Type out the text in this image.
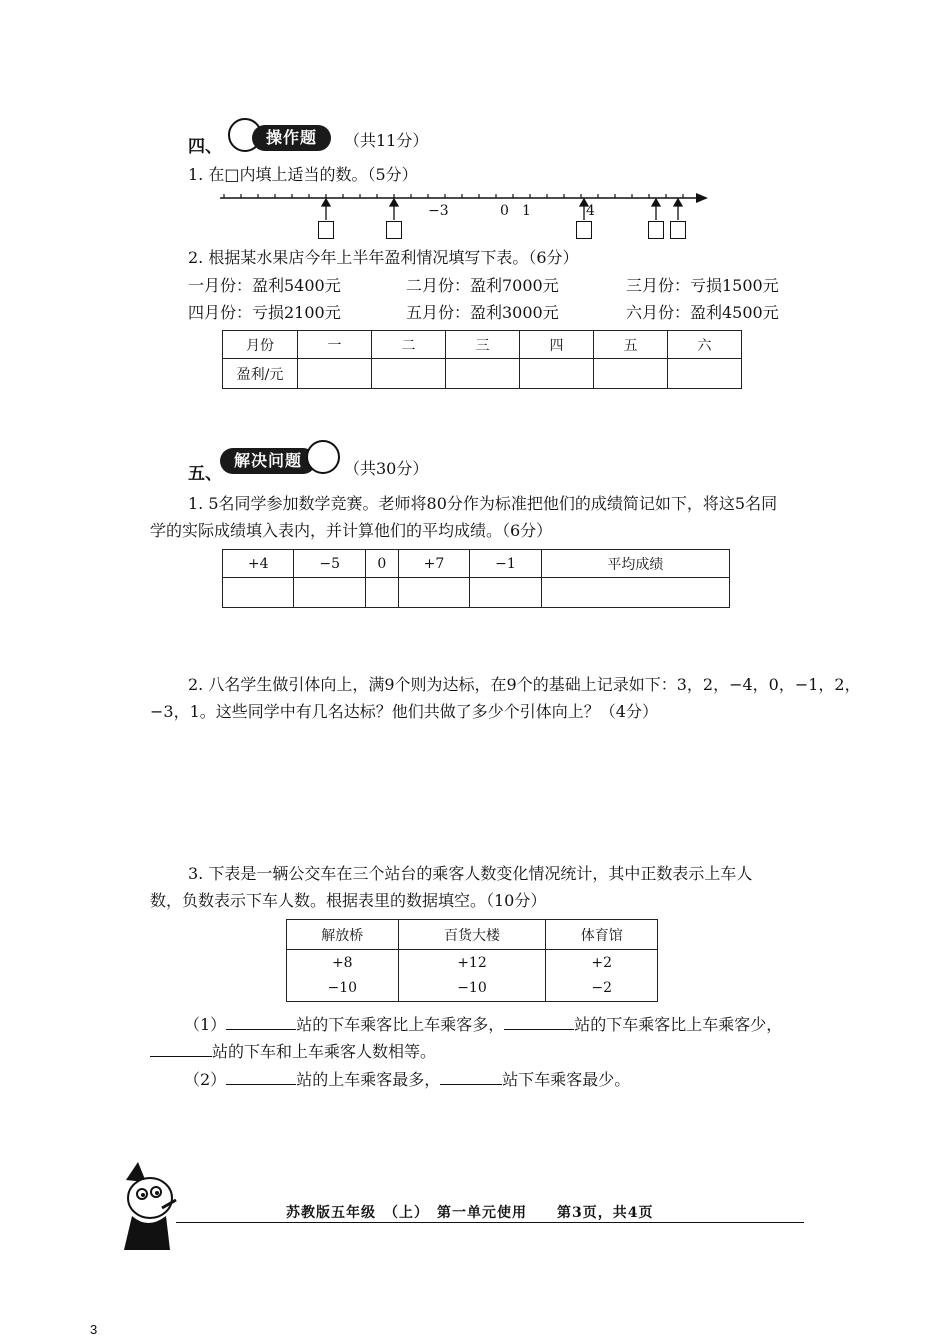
四、	操作题	（共11分）
1. 在□内填上适当的数。（5分）
−3	0 1	4
2. 根据某水果店今年上半年盈利情况填写下表。（6分）
一月份：盈利5400元	二月份：盈利7000元	三月份：亏损1500元
四月份：亏损2100元	五月份：盈利3000元	六月份：盈利4500元
月份	一	二	三	四	五	六
盈利/元						
五、
解决问题	（共30分）
1. 5名同学参加数学竞赛。老师将80分作为标准把他们的成绩简记如下，将这5名同
学的实际成绩填入表内，并计算他们的平均成绩。（6分）
+4	−5	0	+7	−1	平均成绩

2. 八名学生做引体向上，满9个则为达标，在9个的基础上记录如下：3，2，−4，0，−1，2，
−3，1。这些同学中有几名达标？他们共做了多少个引体向上？（4分）
3. 下表是一辆公交车在三个站台的乘客人数变化情况统计，其中正数表示上车人
数，负数表示下车人数。根据表里的数据填空。（10分）
解放桥	百货大楼	体育馆
+8	+12	+2
−10	−10	−2
（1）	站的下车乘客比上车乘客多，	站的下车乘客比上车乘客少，
站的下车和上车乘客人数相等。
（2）	站的上车乘客最多，	站下车乘客最少。
苏教版五年级　（上）　第一单元使用　　第3页，共4页
3
